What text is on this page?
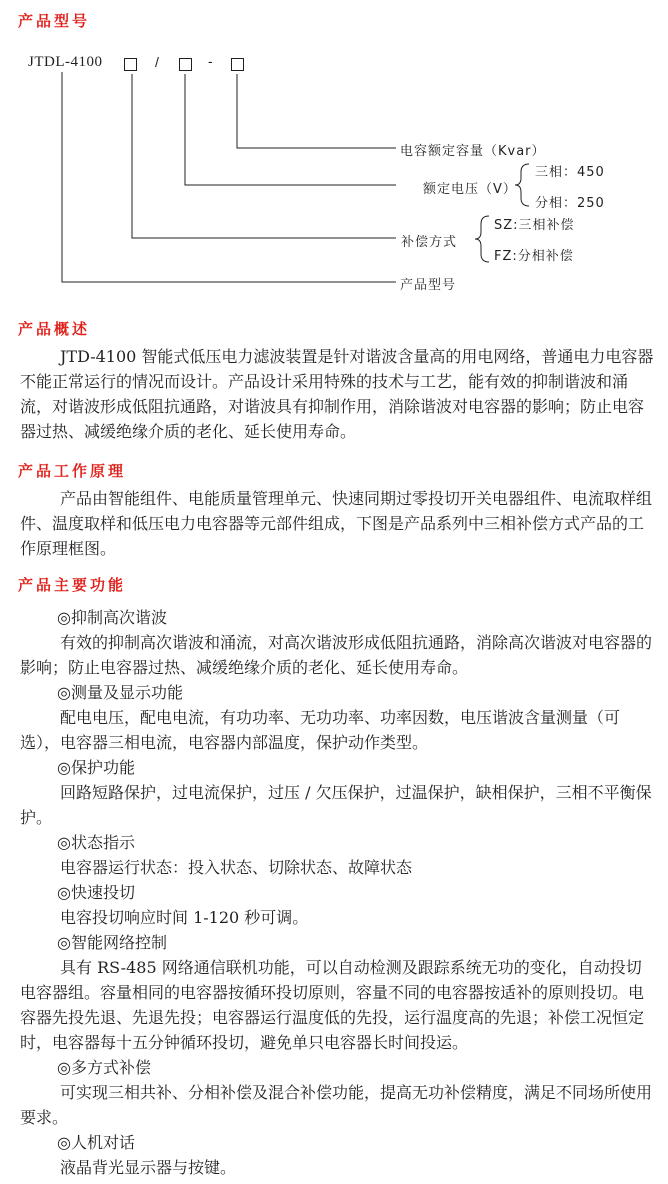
产品型号
JTDL-4100	/	-
电容额定容量（Kvar）
额定电压（V）
三相：450
分相：250
补偿方式
SZ:三相补偿
FZ:分相补偿
产品型号
产品概述
JTD-4100 智能式低压电力滤波装置是针对谐波含量高的用电网络，普通电力电容器不能正常运行的情况而设计。产品设计采用特殊的技术与工艺，能有效的抑制谐波和涌流，对谐波形成低阻抗通路，对谐波具有抑制作用，消除谐波对电容器的影响；防止电容器过热、减缓绝缘介质的老化、延长使用寿命。
产品工作原理
产品由智能组件、电能质量管理单元、快速同期过零投切开关电器组件、电流取样组件、温度取样和低压电力电容器等元部件组成，下图是产品系列中三相补偿方式产品的工作原理框图。
产品主要功能
◎抑制高次谐波
有效的抑制高次谐波和涌流，对高次谐波形成低阻抗通路，消除高次谐波对电容器的影响；防止电容器过热、减缓绝缘介质的老化、延长使用寿命。
◎测量及显示功能
配电电压，配电电流，有功功率、无功功率、功率因数，电压谐波含量测量（可选），电容器三相电流，电容器内部温度，保护动作类型。
◎保护功能
回路短路保护，过电流保护，过压 / 欠压保护，过温保护，缺相保护，三相不平衡保护。
◎状态指示
电容器运行状态：投入状态、切除状态、故障状态
◎快速投切
电容投切响应时间 1-120 秒可调。
◎智能网络控制
具有 RS-485 网络通信联机功能，可以自动检测及跟踪系统无功的变化，自动投切电容器组。容量相同的电容器按循环投切原则，容量不同的电容器按适补的原则投切。电容器先投先退、先退先投；电容器运行温度低的先投，运行温度高的先退；补偿工况恒定时，电容器每十五分钟循环投切，避免单只电容器长时间投运。
◎多方式补偿
可实现三相共补、分相补偿及混合补偿功能，提高无功补偿精度，满足不同场所使用要求。
◎人机对话
液晶背光显示器与按键。
